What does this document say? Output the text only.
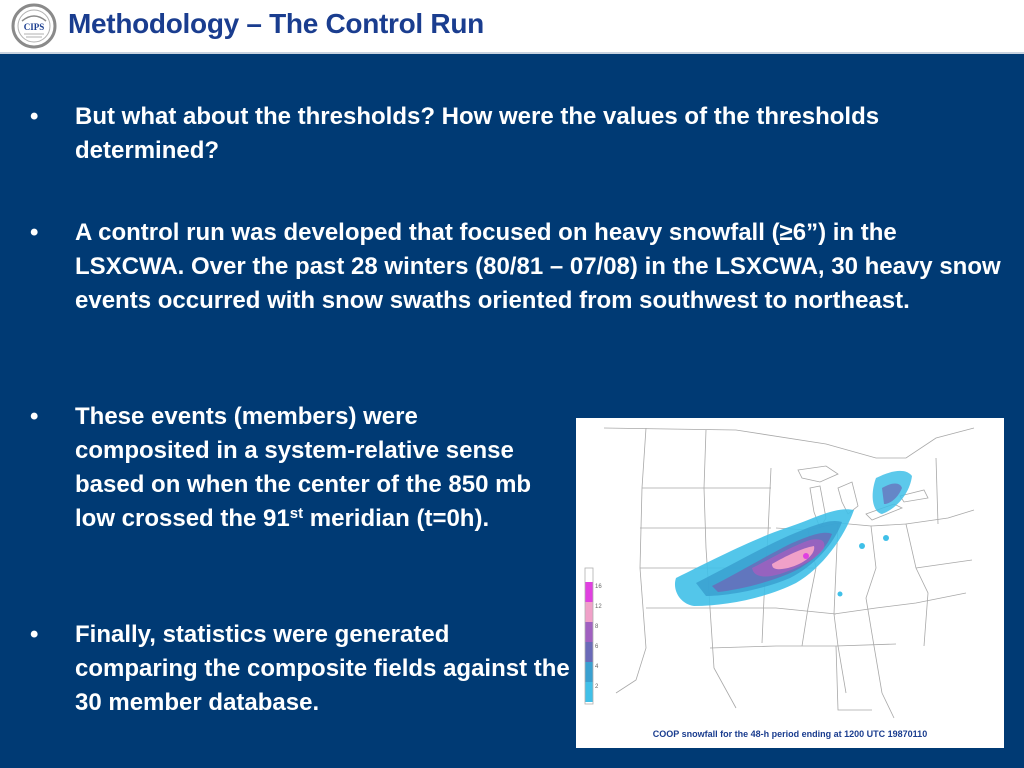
CIPS Methodology – The Control Run
•	But what about the thresholds? How were the values of the thresholds determined?
•	A control run was developed that focused on heavy snowfall (≥6”) in the LSXCWA. Over the past 28 winters (80/81 – 07/08) in the LSXCWA, 30 heavy snow events occurred with snow swaths oriented from southwest to northeast.
•	These events (members) were composited in a system-relative sense based on when the center of the 850 mb low crossed the 91st meridian (t=0h).
•	Finally, statistics were generated comparing the composite fields against the 30 member database.
16
12
8
6
4
2
COOP snowfall for the 48-h period ending at 1200 UTC 19870110
